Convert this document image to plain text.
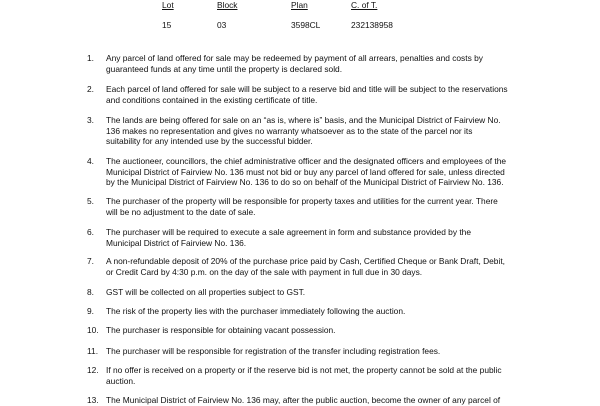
Lot	Block	Plan	C. of T.
15	03	3598CL	232138958
1. Any parcel of land offered for sale may be redeemed by payment of all arrears, penalties and costs by
guaranteed funds at any time until the property is declared sold.
2. Each parcel of land offered for sale will be subject to a reserve bid and title will be subject to the reservations
and conditions contained in the existing certificate of title.
3. The lands are being offered for sale on an “as is, where is” basis, and the Municipal District of Fairview No.
136 makes no representation and gives no warranty whatsoever as to the state of the parcel nor its
suitability for any intended use by the successful bidder.
4. The auctioneer, councillors, the chief administrative officer and the designated officers and employees of the
Municipal District of Fairview No. 136 must not bid or buy any parcel of land offered for sale, unless directed
by the Municipal District of Fairview No. 136 to do so on behalf of the Municipal District of Fairview No. 136.
5. The purchaser of the property will be responsible for property taxes and utilities for the current year. There
will be no adjustment to the date of sale.
6. The purchaser will be required to execute a sale agreement in form and substance provided by the
Municipal District of Fairview No. 136.
7. A non-refundable deposit of 20% of the purchase price paid by Cash, Certified Cheque or Bank Draft, Debit,
or Credit Card by 4:30 p.m. on the day of the sale with payment in full due in 30 days.
8. GST will be collected on all properties subject to GST.
9. The risk of the property lies with the purchaser immediately following the auction.
10. The purchaser is responsible for obtaining vacant possession.
11. The purchaser will be responsible for registration of the transfer including registration fees.
12. If no offer is received on a property or if the reserve bid is not met, the property cannot be sold at the public
auction.
13. The Municipal District of Fairview No. 136 may, after the public auction, become the owner of any parcel of
